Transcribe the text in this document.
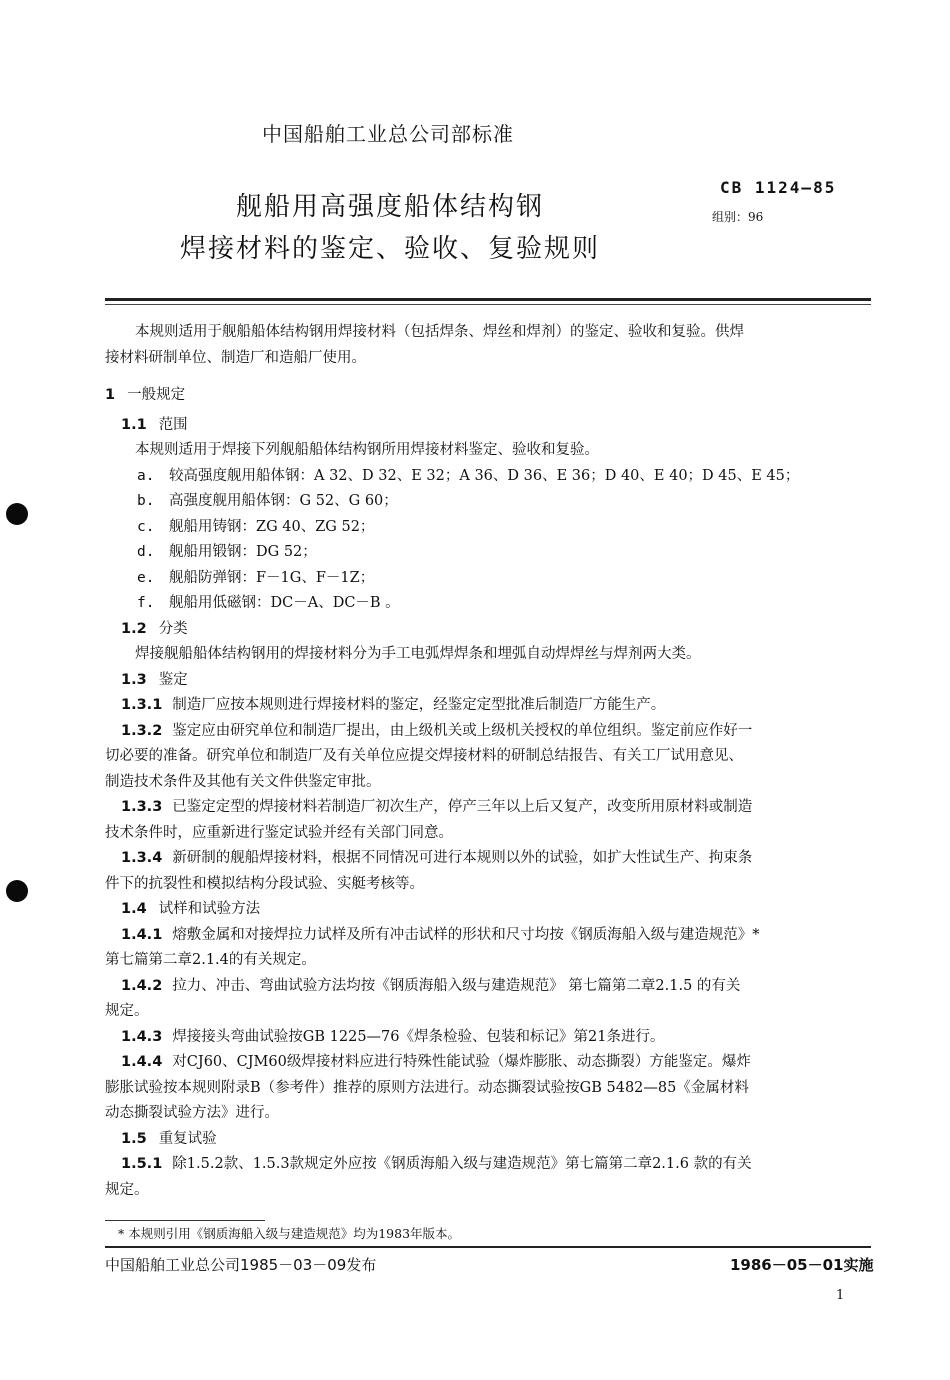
中国船舶工业总公司部标准
舰船用高强度船体结构钢
焊接材料的鉴定、验收、复验规则
CB 1124—85
组别：96

本规则适用于舰船船体结构钢用焊接材料（包括焊条、焊丝和焊剂）的鉴定、验收和复验。供焊

接材料研制单位、制造厂和造船厂使用。

1 一般规定

1.1 范围

本规则适用于焊接下列舰船船体结构钢所用焊接材料鉴定、验收和复验。

a. 较高强度舰用船体钢：A 32、D 32、E 32；A 36、D 36、E 36；D 40、E 40；D 45、E 45；

b. 高强度舰用船体钢：G 52、G 60；

c. 舰船用铸钢：ZG 40、ZG 52；

d. 舰船用锻钢：DG 52；

e. 舰船防弹钢：F－1G、F－1Z；

f. 舰船用低磁钢：DC－A、DC－B 。

1.2 分类

焊接舰船船体结构钢用的焊接材料分为手工电弧焊焊条和埋弧自动焊焊丝与焊剂两大类。

1.3 鉴定

1.3.1 制造厂应按本规则进行焊接材料的鉴定，经鉴定定型批准后制造厂方能生产。

1.3.2 鉴定应由研究单位和制造厂提出，由上级机关或上级机关授权的单位组织。鉴定前应作好一

切必要的准备。研究单位和制造厂及有关单位应提交焊接材料的研制总结报告、有关工厂试用意见、

制造技术条件及其他有关文件供鉴定审批。

1.3.3 已鉴定定型的焊接材料若制造厂初次生产，停产三年以上后又复产，改变所用原材料或制造

技术条件时，应重新进行鉴定试验并经有关部门同意。

1.3.4 新研制的舰船焊接材料，根据不同情况可进行本规则以外的试验，如扩大性试生产、拘束条

件下的抗裂性和模拟结构分段试验、实艇考核等。

1.4 试样和试验方法

1.4.1 熔敷金属和对接焊拉力试样及所有冲击试样的形状和尺寸均按《钢质海船入级与建造规范》*

第七篇第二章2.1.4的有关规定。

1.4.2 拉力、冲击、弯曲试验方法均按《钢质海船入级与建造规范》 第七篇第二章2.1.5 的有关

规定。

1.4.3 焊接接头弯曲试验按GB 1225—76《焊条检验、包装和标记》第21条进行。

1.4.4 对CJ60、CJM60级焊接材料应进行特殊性能试验（爆炸膨胀、动态撕裂）方能鉴定。爆炸

膨胀试验按本规则附录B（参考件）推荐的原则方法进行。动态撕裂试验按GB 5482—85《金属材料

动态撕裂试验方法》进行。

1.5 重复试验

1.5.1 除1.5.2款、1.5.3款规定外应按《钢质海船入级与建造规范》第七篇第二章2.1.6 款的有关

规定。

* 本规则引用《钢质海船入级与建造规范》均为1983年版本。
中国船舶工业总公司1985－03－09发布	1986－05－01实施
1
